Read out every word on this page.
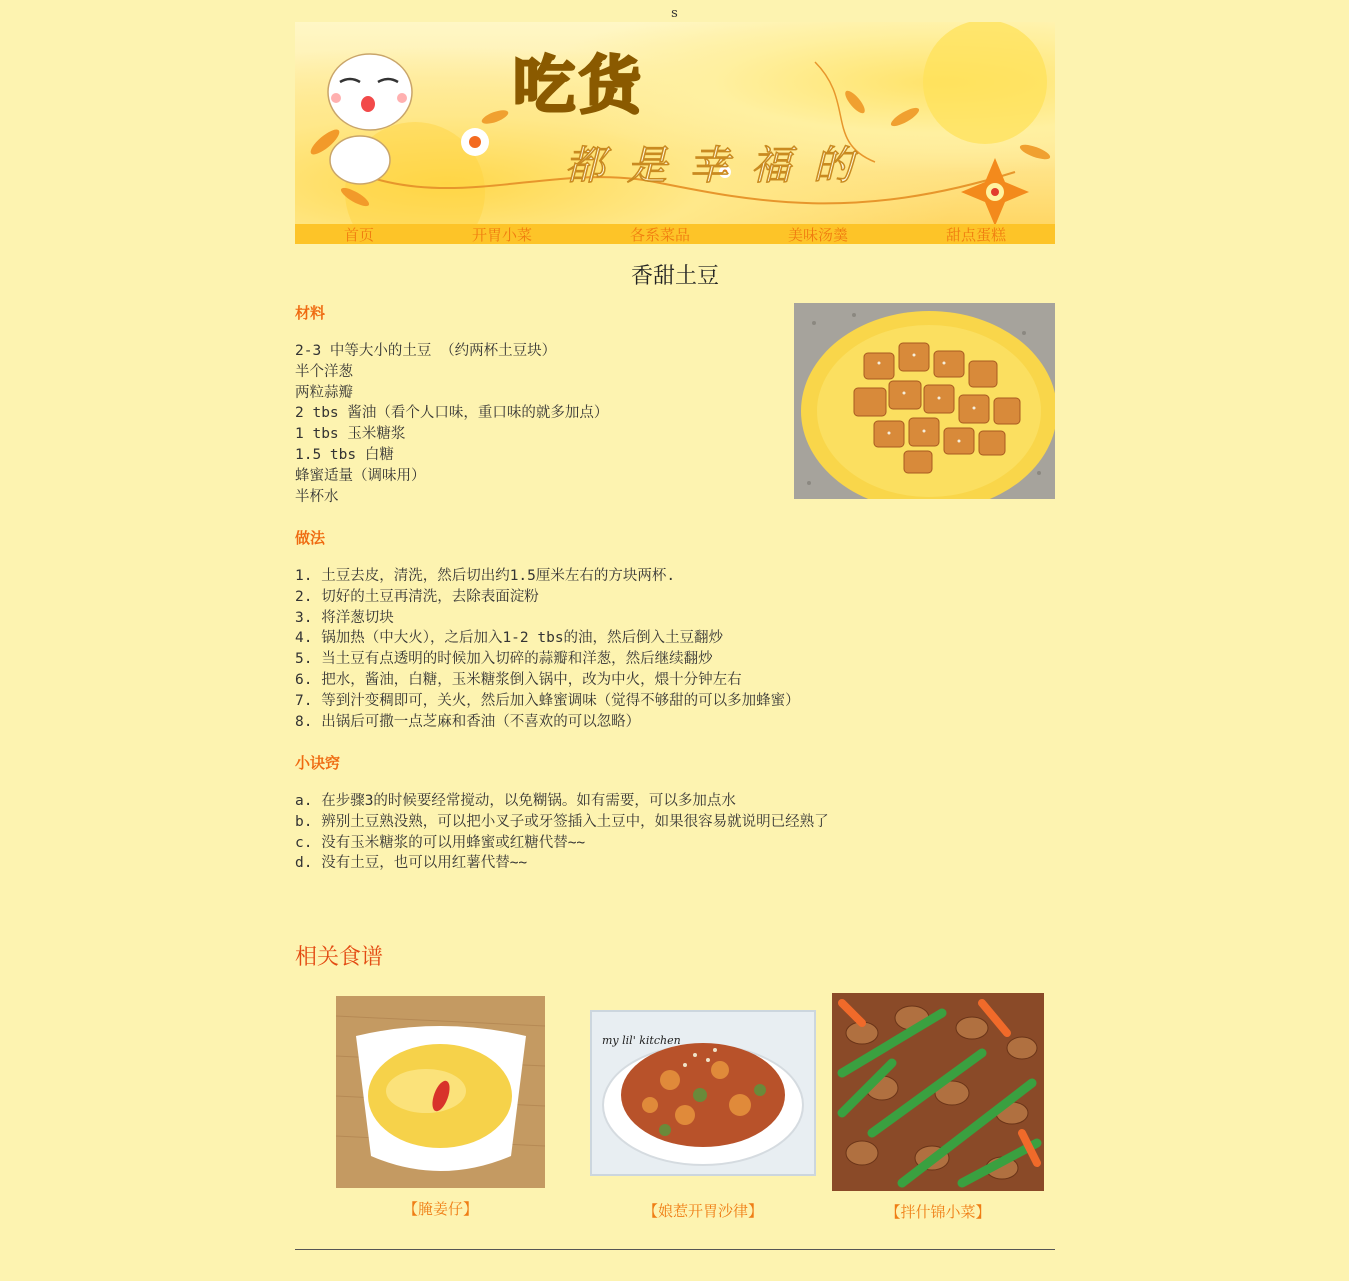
s
吃货
都是幸福的
首页	开胃小菜	各系菜品	美味汤羹	甜点蛋糕
香甜土豆
材料
2-3 中等大小的土豆 （约两杯土豆块）
半个洋葱
两粒蒜瓣
2 tbs 酱油（看个人口味，重口味的就多加点）
1 tbs 玉米糖浆
1.5 tbs 白糖
蜂蜜适量（调味用）
半杯水
做法
1. 土豆去皮，清洗，然后切出约1.5厘米左右的方块两杯.
2. 切好的土豆再清洗，去除表面淀粉
3. 将洋葱切块
4. 锅加热（中大火），之后加入1-2 tbs的油，然后倒入土豆翻炒
5. 当土豆有点透明的时候加入切碎的蒜瓣和洋葱，然后继续翻炒
6. 把水，酱油，白糖，玉米糖浆倒入锅中，改为中火，煨十分钟左右
7. 等到汁变稠即可，关火，然后加入蜂蜜调味（觉得不够甜的可以多加蜂蜜）
8. 出锅后可撒一点芝麻和香油（不喜欢的可以忽略）
小诀窍
a. 在步骤3的时候要经常搅动，以免糊锅。如有需要，可以多加点水
b. 辨别土豆熟没熟，可以把小叉子或牙签插入土豆中，如果很容易就说明已经熟了
c. 没有玉米糖浆的可以用蜂蜜或红糖代替~~
d. 没有土豆，也可以用红薯代替~~
相关食谱
【腌姜仔】
my lil' kitchen
【娘惹开胃沙律】	【拌什锦小菜】
